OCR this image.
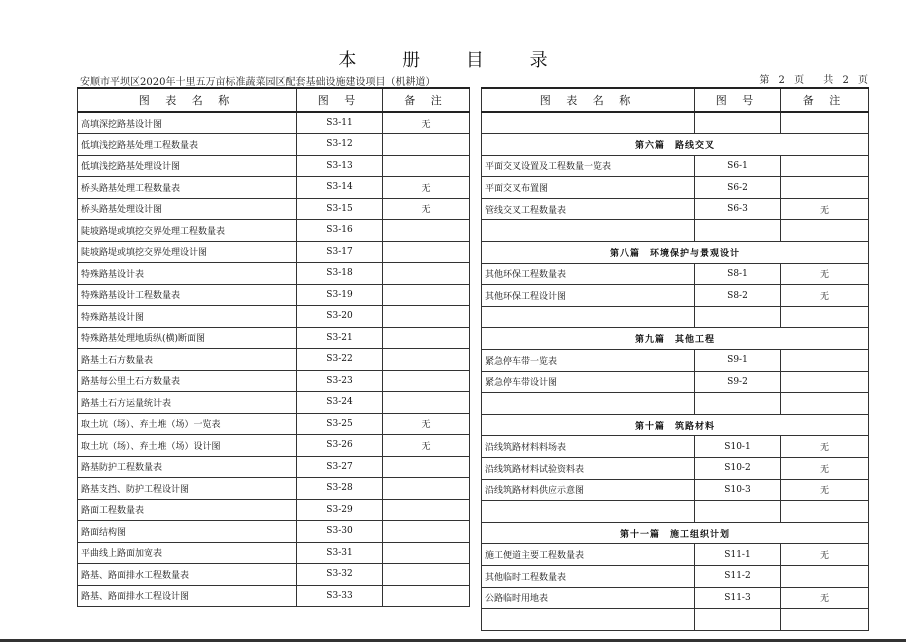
本 册 目 录
安顺市平坝区2020年十里五万亩标准蔬菜园区配套基础设施建设项目（机耕道）	第 2 页　 共 2 页
图 表 名 称	图 号	备 注
高填深挖路基设计图	S3-11	无
低填浅挖路基处理工程数量表	S3-12	
低填浅挖路基处理设计图	S3-13	
桥头路基处理工程数量表	S3-14	无
桥头路基处理设计图	S3-15	无
陡坡路堤或填挖交界处理工程数量表	S3-16	
陡坡路堤或填挖交界处理设计图	S3-17	
特殊路基设计表	S3-18	
特殊路基设计工程数量表	S3-19	
特殊路基设计图	S3-20	
特殊路基处理地质纵(横)断面图	S3-21	
路基土石方数量表	S3-22	
路基每公里土石方数量表	S3-23	
路基土石方运量统计表	S3-24	
取土坑（场）、弃土堆（场）一览表	S3-25	无
取土坑（场）、弃土堆（场）设计图	S3-26	无
路基防护工程数量表	S3-27	
路基支挡、防护工程设计图	S3-28	
路面工程数量表	S3-29	
路面结构图	S3-30	
平曲线上路面加宽表	S3-31	
路基、路面排水工程数量表	S3-32	
路基、路面排水工程设计图	S3-33	
图 表 名 称	图 号	备 注

第六篇　路线交叉		
平面交叉设置及工程数量一览表	S6-1	
平面交叉布置图	S6-2	
管线交叉工程数量表	S6-3	无

第八篇　环境保护与景观设计		
其他环保工程数量表	S8-1	无
其他环保工程设计图	S8-2	无

第九篇　其他工程		
紧急停车带一览表	S9-1	
紧急停车带设计图	S9-2	

第十篇　筑路材料		
沿线筑路材料料场表	S10-1	无
沿线筑路材料试验资料表	S10-2	无
沿线筑路材料供应示意图	S10-3	无

第十一篇　施工组织计划		
施工便道主要工程数量表	S11-1	无
其他临时工程数量表	S11-2	
公路临时用地表	S11-3	无
